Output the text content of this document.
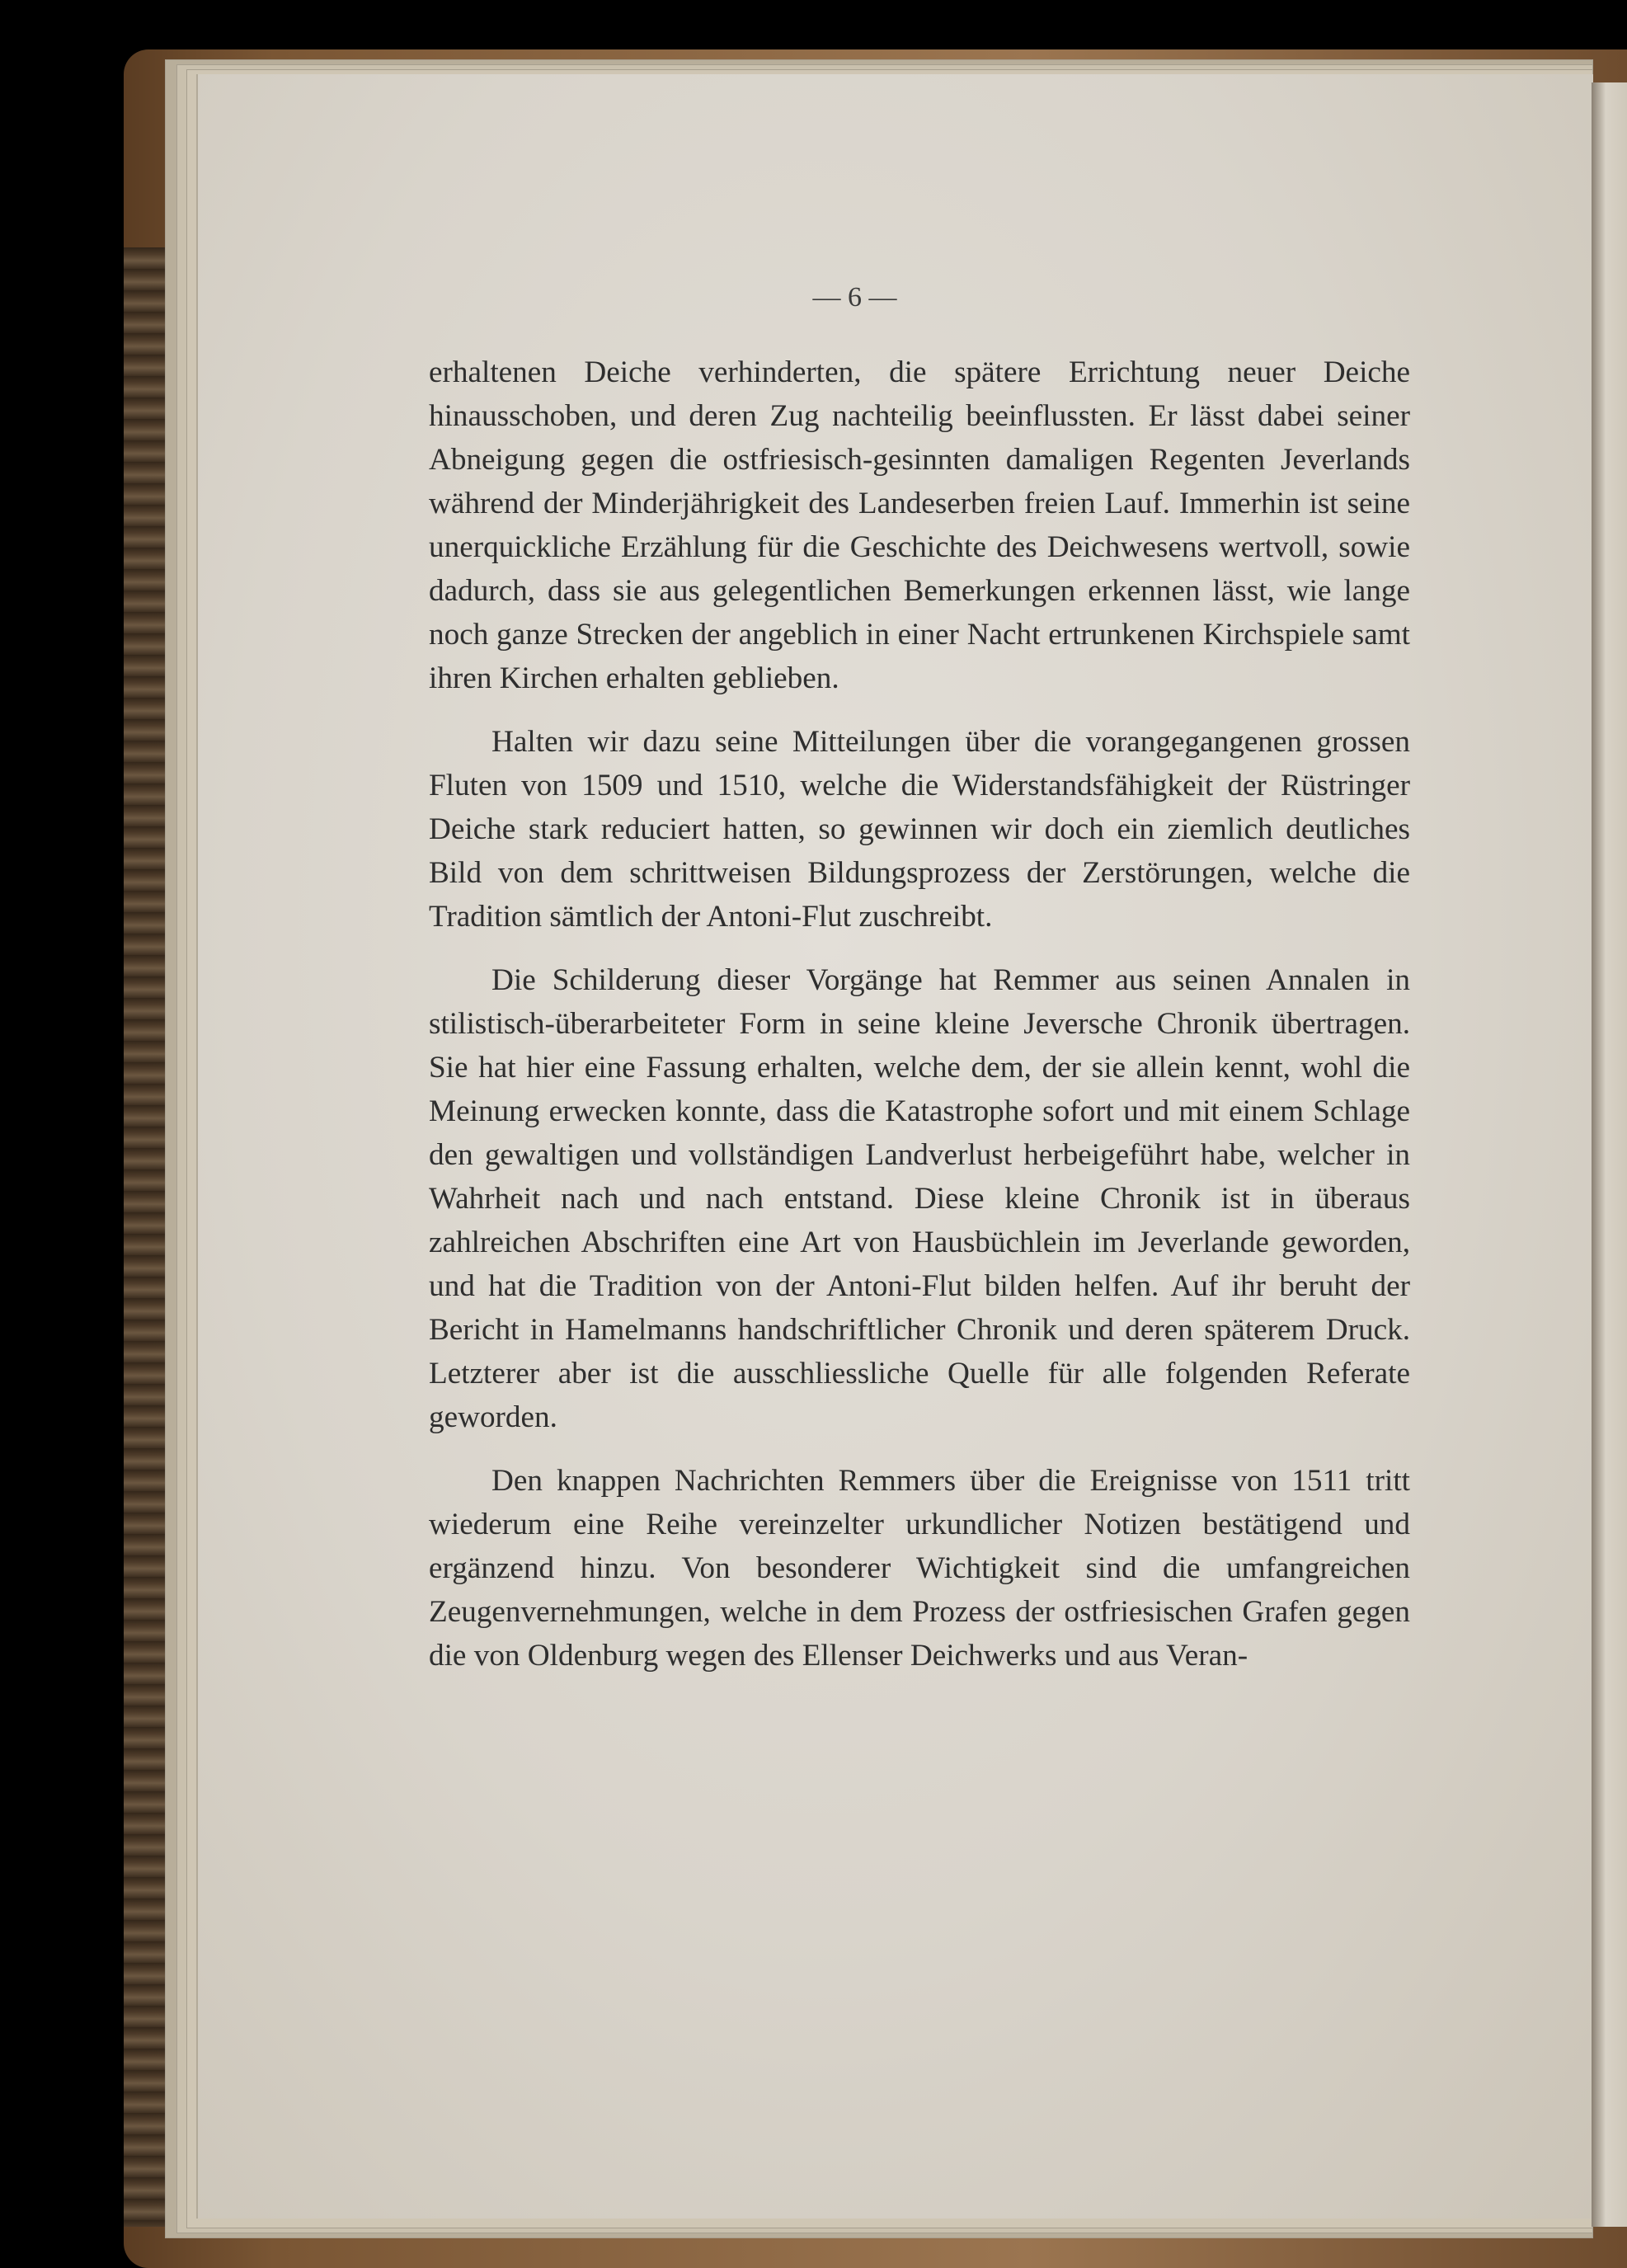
— 6 —

erhaltenen Deiche verhinderten, die spätere Errichtung neuer Deiche hinausschoben, und deren Zug nachteilig beeinflussten. Er lässt dabei seiner Abneigung gegen die ostfriesisch-gesinnten damaligen Regenten Jeverlands während der Minderjährigkeit des Landeserben freien Lauf. Immerhin ist seine unerquickliche Erzählung für die Geschichte des Deichwesens wertvoll, sowie dadurch, dass sie aus gelegentlichen Bemerkungen erkennen lässt, wie lange noch ganze Strecken der angeblich in einer Nacht ertrunkenen Kirchspiele samt ihren Kirchen erhalten geblieben.

Halten wir dazu seine Mitteilungen über die vorangegangenen grossen Fluten von 1509 und 1510, welche die Widerstandsfähigkeit der Rüstringer Deiche stark reduciert hatten, so gewinnen wir doch ein ziemlich deutliches Bild von dem schrittweisen Bildungsprozess der Zerstörungen, welche die Tradition sämtlich der Antoni-Flut zuschreibt.

Die Schilderung dieser Vorgänge hat Remmer aus seinen Annalen in stilistisch-überarbeiteter Form in seine kleine Jeversche Chronik übertragen. Sie hat hier eine Fassung erhalten, welche dem, der sie allein kennt, wohl die Meinung erwecken konnte, dass die Katastrophe sofort und mit einem Schlage den gewaltigen und vollständigen Landverlust herbeigeführt habe, welcher in Wahrheit nach und nach entstand. Diese kleine Chronik ist in überaus zahlreichen Abschriften eine Art von Hausbüchlein im Jeverlande geworden, und hat die Tradition von der Antoni-Flut bilden helfen. Auf ihr beruht der Bericht in Hamelmanns handschriftlicher Chronik und deren späterem Druck. Letzterer aber ist die ausschliessliche Quelle für alle folgenden Referate geworden.

Den knappen Nachrichten Remmers über die Ereignisse von 1511 tritt wiederum eine Reihe vereinzelter urkundlicher Notizen bestätigend und ergänzend hinzu. Von besonderer Wichtigkeit sind die umfangreichen Zeugenvernehmungen, welche in dem Prozess der ostfriesischen Grafen gegen die von Oldenburg wegen des Ellenser Deichwerks und aus Veran-
